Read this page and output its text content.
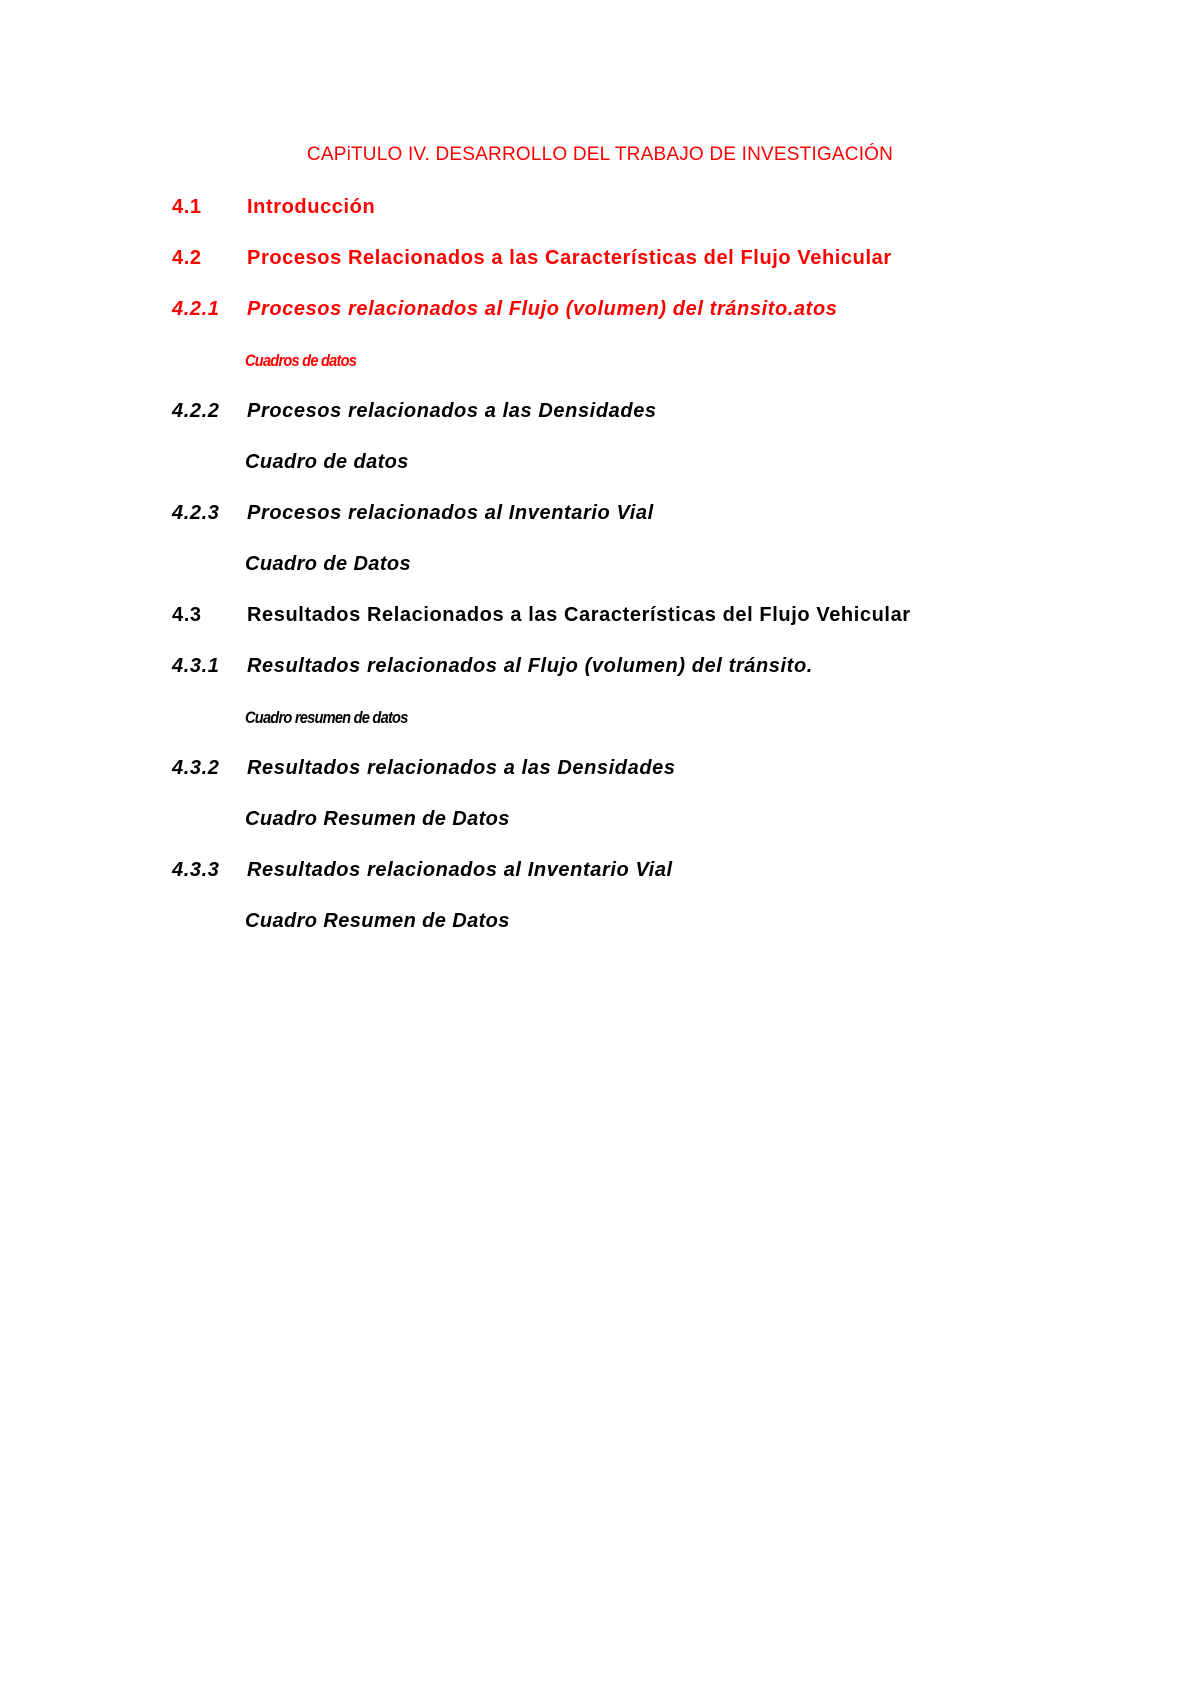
CAPiTULO IV. DESARROLLO DEL TRABAJO DE INVESTIGACIÓN
4.1 Introducción
4.2 Procesos Relacionados a las Características del Flujo Vehicular
4.2.1 Procesos relacionados al Flujo (volumen) del tránsito.atos
Cuadros de datos
4.2.2 Procesos relacionados a las Densidades
Cuadro de datos
4.2.3 Procesos relacionados al Inventario Vial
Cuadro de Datos
4.3 Resultados Relacionados a las Características del Flujo Vehicular
4.3.1 Resultados relacionados al Flujo (volumen) del tránsito.
Cuadro resumen de datos
4.3.2 Resultados relacionados a las Densidades
Cuadro Resumen de Datos
4.3.3 Resultados relacionados al Inventario Vial
Cuadro Resumen de Datos
